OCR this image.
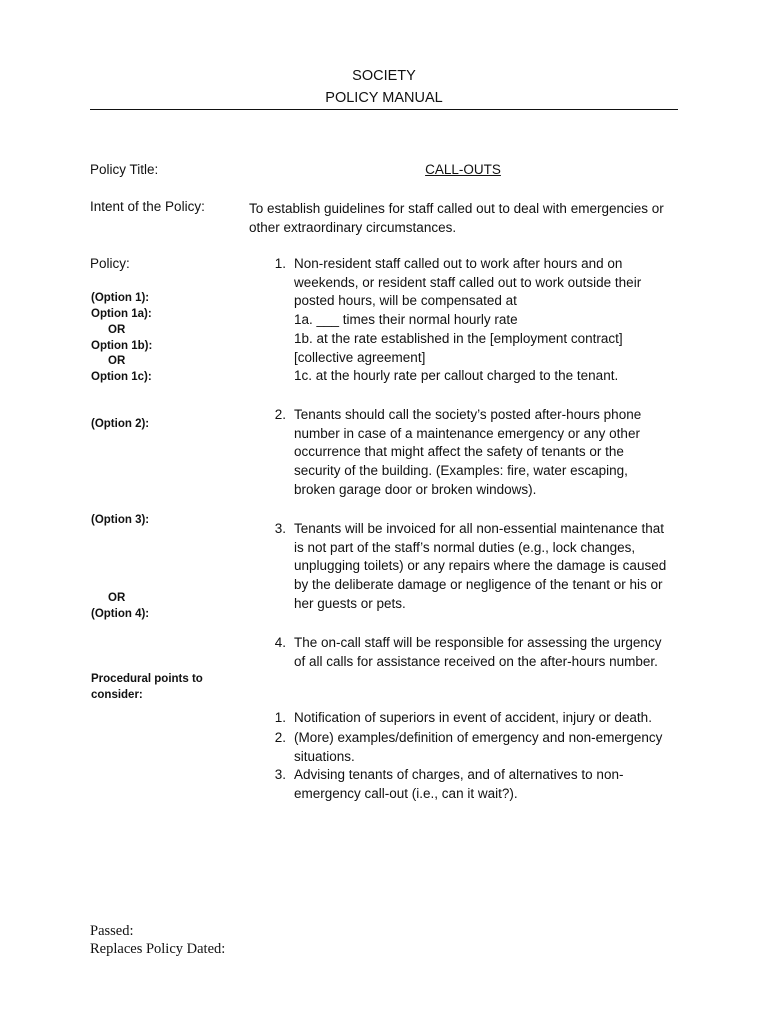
SOCIETY
POLICY MANUAL
Policy Title:	CALL-OUTS
Intent of the Policy:	To establish guidelines for staff called out to deal with emergencies or
other extraordinary circumstances.
Policy:
(Option 1):
Option 1a):
OR
Option 1b):
OR
Option 1c):
(Option 2):
(Option 3):
OR
(Option 4):
Procedural points to
consider:
1. Non-resident staff called out to work after hours and on
weekends, or resident staff called out to work outside their
posted hours, will be compensated at
1a. ___ times their normal hourly rate
1b. at the rate established in the [employment contract]
[collective agreement]
1c. at the hourly rate per callout charged to the tenant.
2. Tenants should call the society’s posted after-hours phone
number in case of a maintenance emergency or any other
occurrence that might affect the safety of tenants or the
security of the building. (Examples: fire, water escaping,
broken garage door or broken windows).
3. Tenants will be invoiced for all non-essential maintenance that
is not part of the staff’s normal duties (e.g., lock changes,
unplugging toilets) or any repairs where the damage is caused
by the deliberate damage or negligence of the tenant or his or
her guests or pets.
4. The on-call staff will be responsible for assessing the urgency
of all calls for assistance received on the after-hours number.
1. Notification of superiors in event of accident, injury or death.
2. (More) examples/definition of emergency and non-emergency
situations.
3. Advising tenants of charges, and of alternatives to non-
emergency call-out (i.e., can it wait?).
Passed:
Replaces Policy Dated:
